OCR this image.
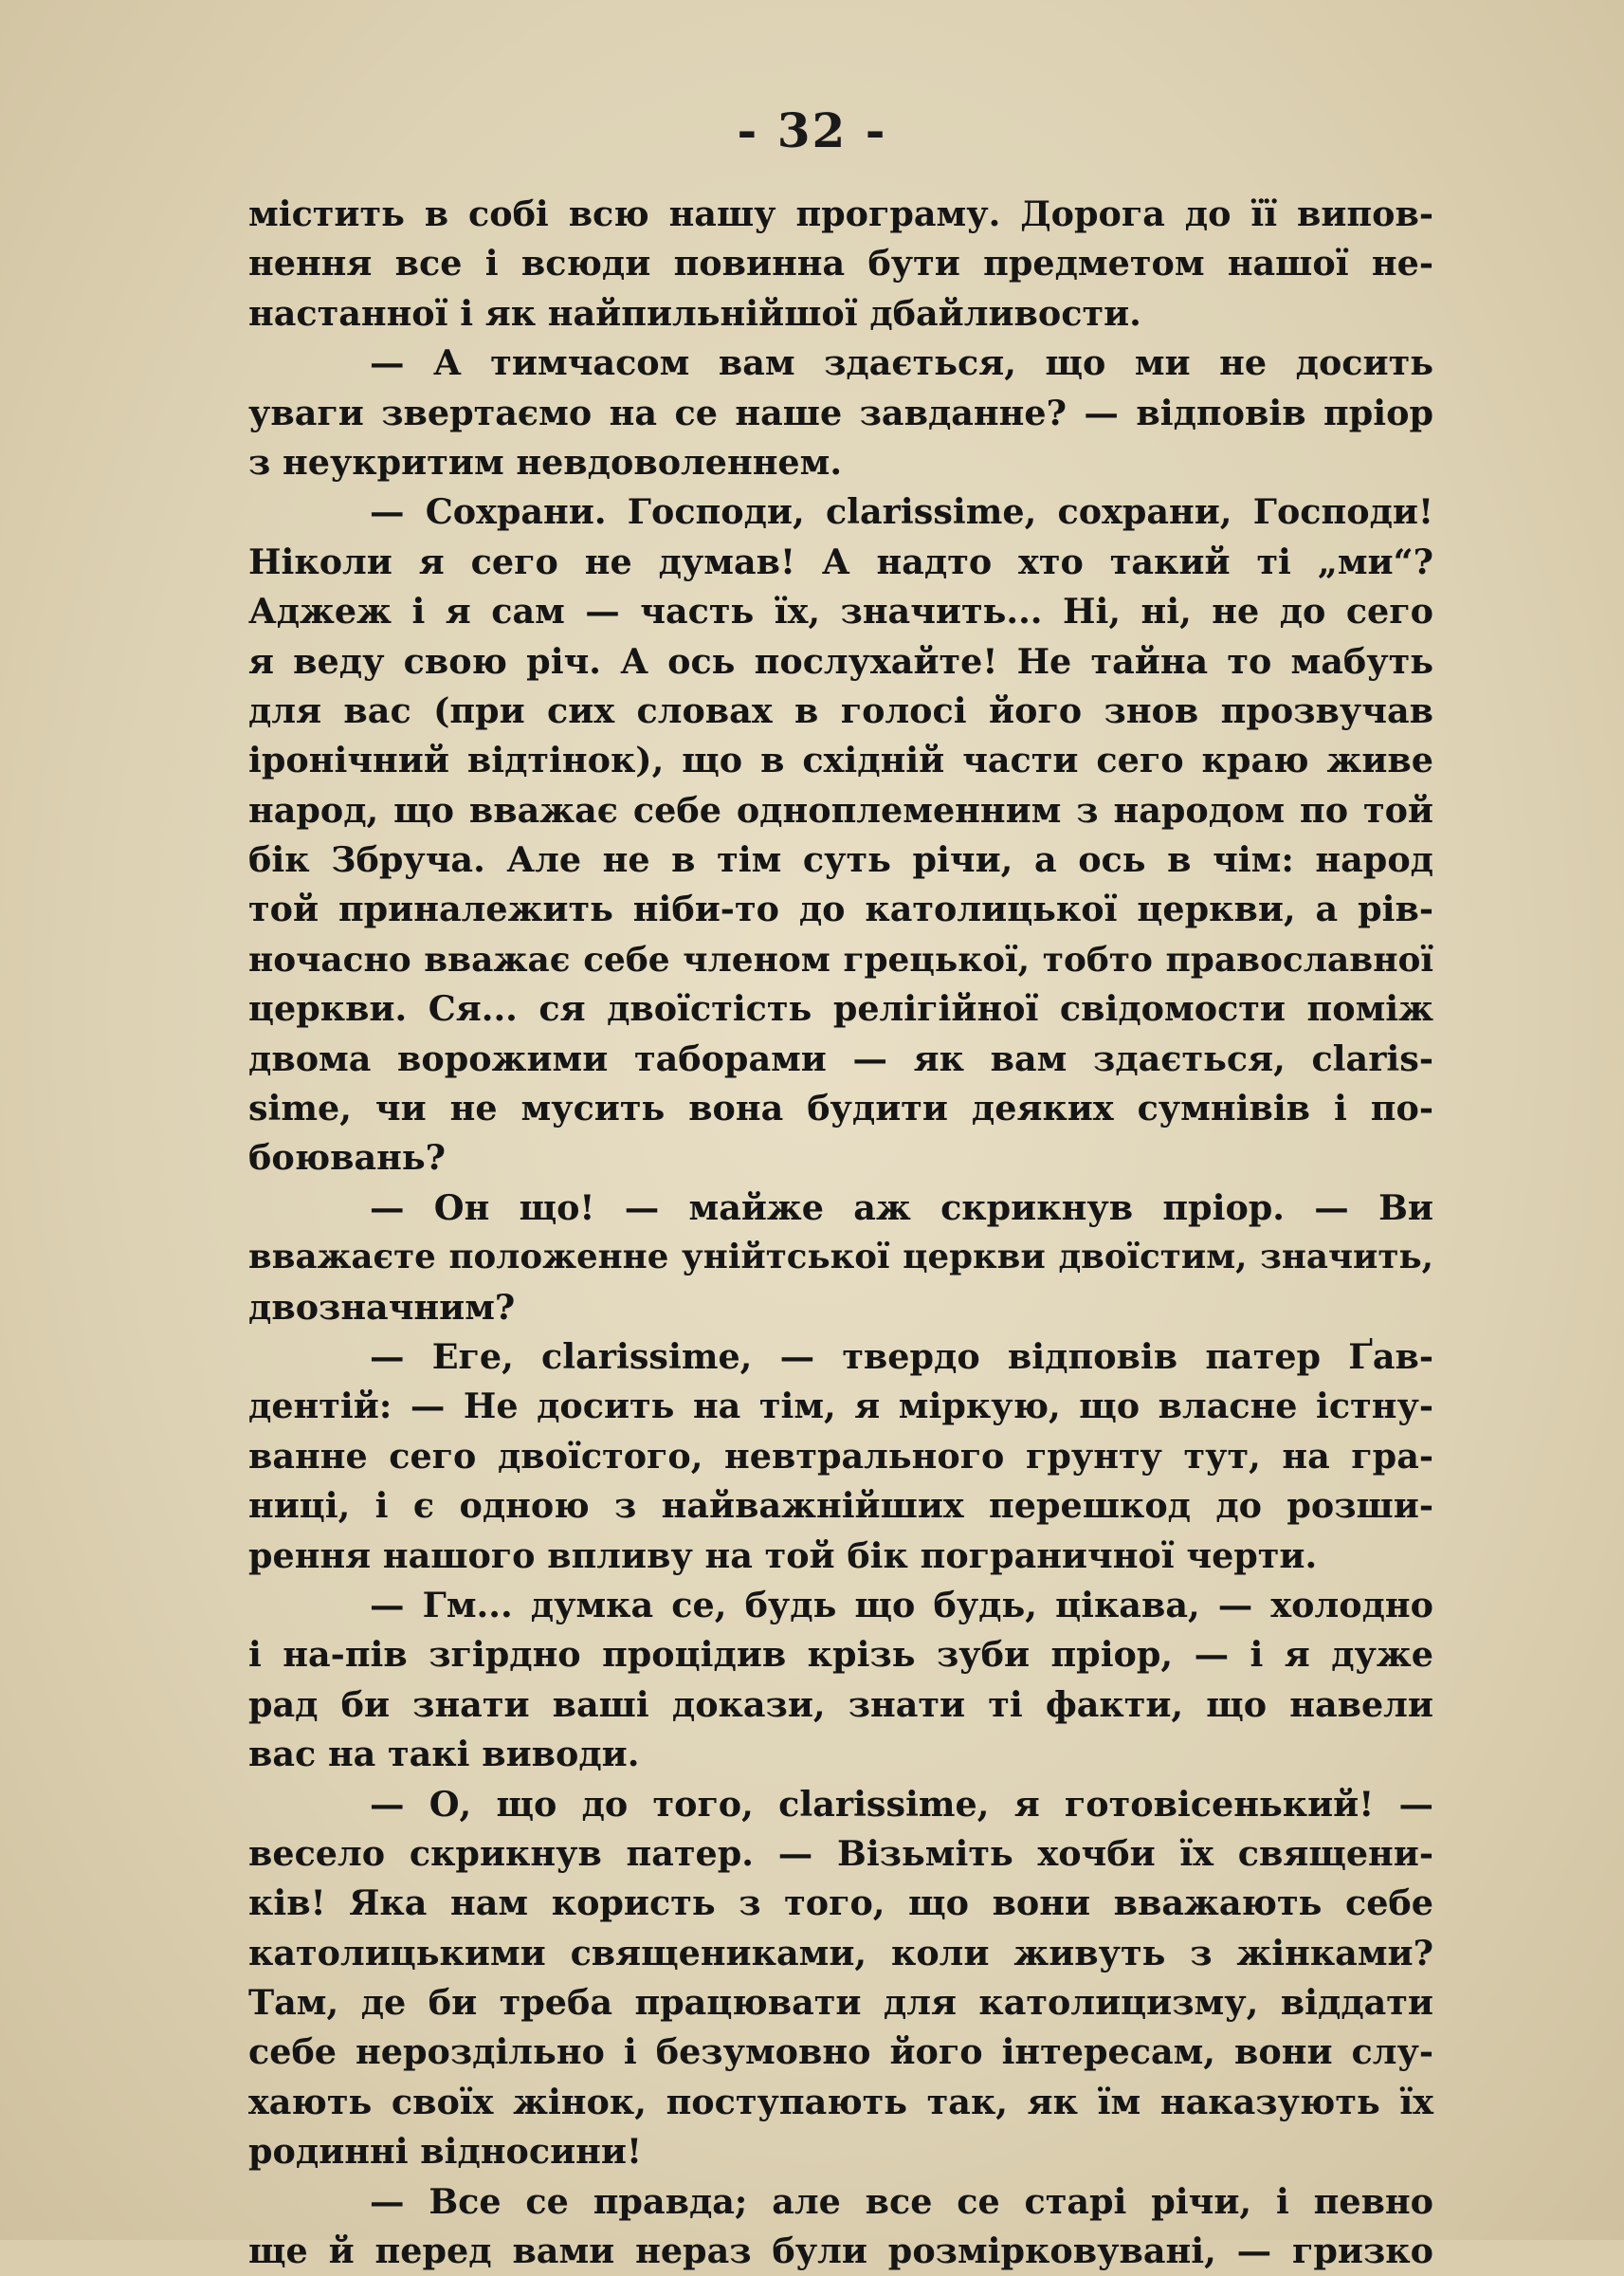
- 32 -
містить в собі всю нашу програму. Дорога до її випов-
нення все і всюди повинна бути предметом нашої не-
настанної і як найпильнійшої дбайливости.
— А тимчасом вам здається, що ми не досить
уваги звертаємо на се наше завданне? — відповів пріор
з неукритим невдоволеннем.
— Сохрани. Господи, clarissime, сохрани, Господи!
Ніколи я сего не думав! А надто хто такий ті „ми“?
Аджеж і я сам — часть їх, значить... Ні, ні, не до сего
я веду свою річ. А ось послухайте! Не тайна то мабуть
для вас (при сих словах в голосі його знов прозвучав
іронічний відтінок), що в східній части сего краю живе
народ, що вважає себе одноплеменним з народом по той
бік Збруча. Але не в тім суть річи, а ось в чім: народ
той приналежить ніби-то до католицької церкви, а рів-
ночасно вважає себе членом грецької, тобто православної
церкви. Ся... ся двоїстість релігійної свідомости поміж
двома ворожими таборами — як вам здається, claris-
sime, чи не мусить вона будити деяких сумнівів і по-
боювань?
— Он що! — майже аж скрикнув пріор. — Ви
вважаєте положенне унійтської церкви двоїстим, значить,
двозначним?
— Еге, clarissime, — твердо відповів патер Ґав-
дентій: — Не досить на тім, я міркую, що власне істну-
ванне сего двоїстого, невтрального грунту тут, на гра-
ниці, і є одною з найважнійших перешкод до розши-
рення нашого впливу на той бік пограничної черти.
— Гм... думка се, будь що будь, цікава, — холодно
і на-пів згірдно процідив крізь зуби пріор, — і я дуже
рад би знати ваші докази, знати ті факти, що навели
вас на такі виводи.
— О, що до того, clarissime, я готовісенький! —
весело скрикнув патер. — Візьміть хочби їх священи-
ків! Яка нам користь з того, що вони вважають себе
католицькими священиками, коли живуть з жінками?
Там, де би треба працювати для католицизму, віддати
себе нероздільно і безумовно його інтересам, вони слу-
хають своїх жінок, поступають так, як їм наказують їх
родинні відносини!
— Все се правда; але все се старі річи, і певно
ще й перед вами нераз були розмірковувані, — гризко
